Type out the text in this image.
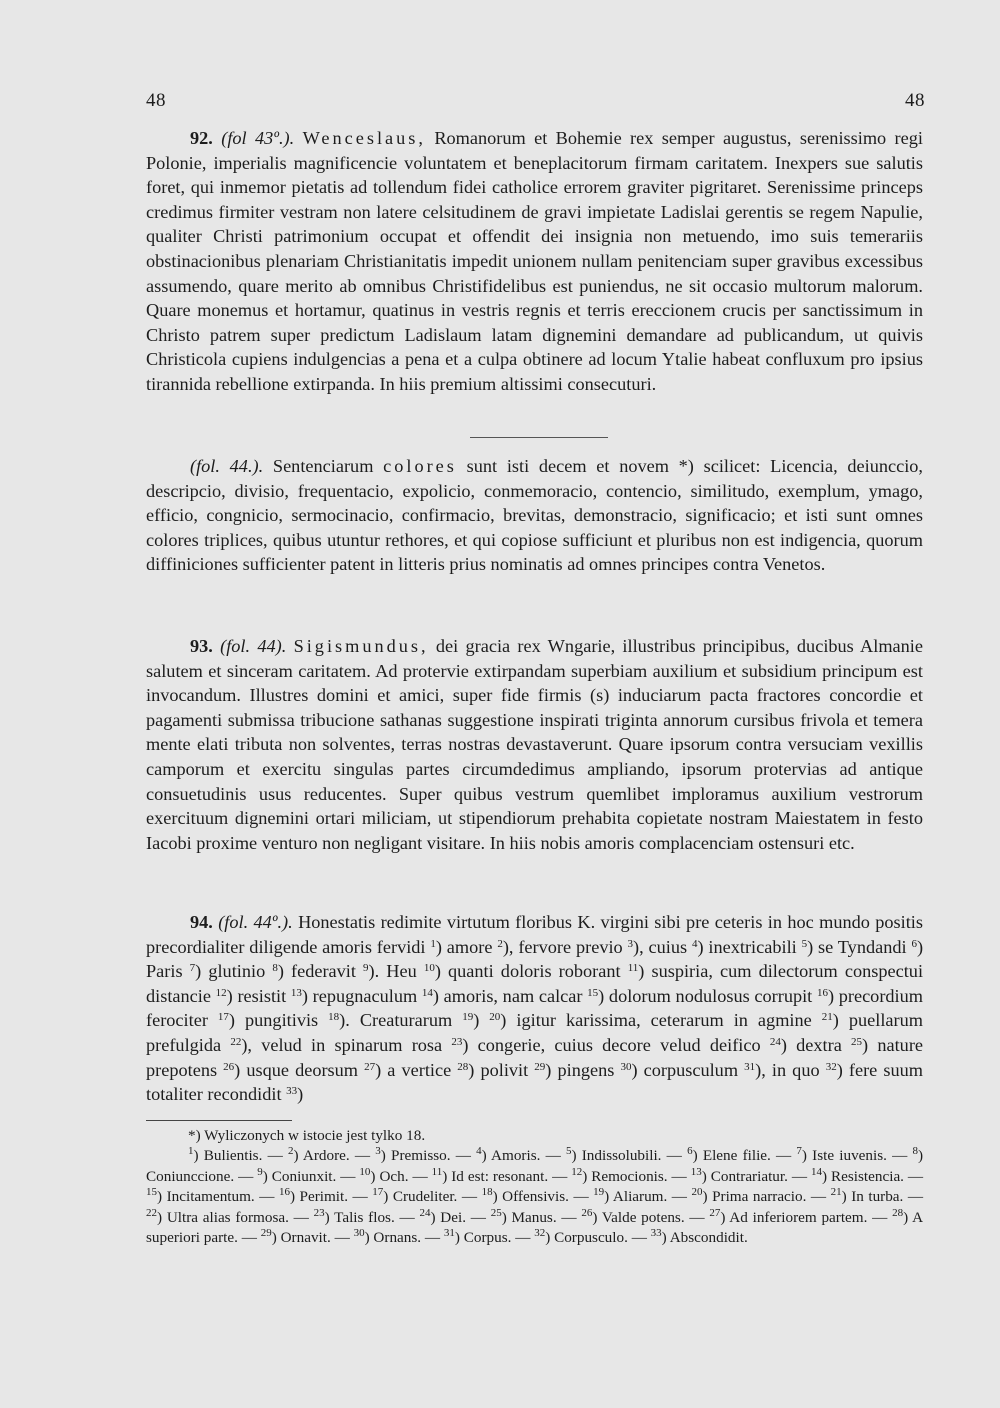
48	48

92. (fol 43º.). Wenceslaus, Romanorum et Bohemie rex semper augustus, serenissimo regi Polonie, imperialis magnificencie voluntatem et beneplacitorum firmam caritatem. Inexpers sue salutis foret, qui inmemor pietatis ad tollendum fidei catholice errorem graviter pigritaret. Serenissime princeps credimus firmiter vestram non latere celsitudinem de gravi impietate Ladislai gerentis se regem Napulie, qualiter Christi patrimonium occupat et offendit dei insignia non metuendo, imo suis temerariis obstinacionibus plenariam Christianitatis impedit unionem nullam penitenciam super gravibus excessibus assumendo, quare merito ab omnibus Christifidelibus est puniendus, ne sit occasio multorum malorum. Quare monemus et hortamur, quatinus in vestris regnis et terris ereccionem crucis per sanctissimum in Christo patrem super predictum Ladislaum latam dignemini demandare ad publicandum, ut quivis Christicola cupiens indulgencias a pena et a culpa obtinere ad locum Ytalie habeat confluxum pro ipsius tirannida rebellione extirpanda. In hiis premium altissimi consecuturi.

(fol. 44.). Sentenciarum colores sunt isti decem et novem *) scilicet: Licencia, deiunccio, descripcio, divisio, frequentacio, expolicio, conmemoracio, contencio, similitudo, exemplum, ymago, efficio, congnicio, sermocinacio, confirmacio, brevitas, demonstracio, significacio; et isti sunt omnes colores triplices, quibus utuntur rethores, et qui copiose sufficiunt et pluribus non est indigencia, quorum diffiniciones sufficienter patent in litteris prius nominatis ad omnes principes contra Venetos.

93. (fol. 44). Sigismundus, dei gracia rex Wngarie, illustribus principibus, ducibus Almanie salutem et sinceram caritatem. Ad protervie extirpandam superbiam auxilium et subsidium principum est invocandum. Illustres domini et amici, super fide firmis (s) induciarum pacta fractores concordie et pagamenti submissa tribucione sathanas suggestione inspirati triginta annorum cursibus frivola et temera mente elati tributa non solventes, terras nostras devastaverunt. Quare ipsorum contra versuciam vexillis camporum et exercitu singulas partes circumdedimus ampliando, ipsorum protervias ad antique consuetudinis usus reducentes. Super quibus vestrum quemlibet imploramus auxilium vestrorum exercituum dignemini ortari miliciam, ut stipendiorum prehabita copietate nostram Maiestatem in festo Iacobi proxime venturo non negligant visitare. In hiis nobis amoris complacenciam ostensuri etc.

94. (fol. 44º.). Honestatis redimite virtutum floribus K. virgini sibi pre ceteris in hoc mundo positis precordialiter diligende amoris fervidi $^1$) amore $^2$), fervore previo $^3$), cuius $^4$) inextricabili $^5$) se Tyndandi $^6$) Paris $^7$) glutinio $^8$) federavit $^9$). Heu $^{10}$) quanti doloris roborant $^{11}$) suspiria, cum dilectorum conspectui distancie $^{12}$) resistit $^{13}$) repugnaculum $^{14}$) amoris, nam calcar $^{15}$) dolorum nodulosus corrupit $^{16}$) precordium ferociter $^{17}$) pungitivis $^{18}$). Creaturarum $^{19}$) $^{20}$) igitur karissima, ceterarum in agmine $^{21}$) puellarum prefulgida $^{22}$), velud in spinarum rosa $^{23}$) congerie, cuius decore velud deifico $^{24}$) dextra $^{25}$) nature prepotens $^{26}$) usque deorsum $^{27}$) a vertice $^{28}$) polivit $^{29}$) pingens $^{30}$) corpusculum $^{31}$), in quo $^{32}$) fere suum totaliter recondidit $^{33}$)

*) Wyliczonych w istocie jest tylko 18.

$^1$) Bulientis. — $^2$) Ardore. — $^3$) Premisso. — $^4$) Amoris. — $^5$) Indissolubili. — $^6$) Elene filie. — $^7$) Iste iuvenis. — $^8$) Coniunccione. — $^9$) Coniunxit. — $^{10}$) Och. — $^{11}$) Id est: resonant. — $^{12}$) Remocionis. — $^{13}$) Contrariatur. — $^{14}$) Resistencia. — $^{15}$) Incitamentum. — $^{16}$) Perimit. — $^{17}$) Crudeliter. — $^{18}$) Offensivis. — $^{19}$) Aliarum. — $^{20}$) Prima narracio. — $^{21}$) In turba. — $^{22}$) Ultra alias formosa. — $^{23}$) Talis flos. — $^{24}$) Dei. — $^{25}$) Manus. — $^{26}$) Valde potens. — $^{27}$) Ad inferiorem partem. — $^{28}$) A superiori parte. — $^{29}$) Ornavit. — $^{30}$) Ornans. — $^{31}$) Corpus. — $^{32}$) Corpusculo. — $^{33}$) Abscondidit.
